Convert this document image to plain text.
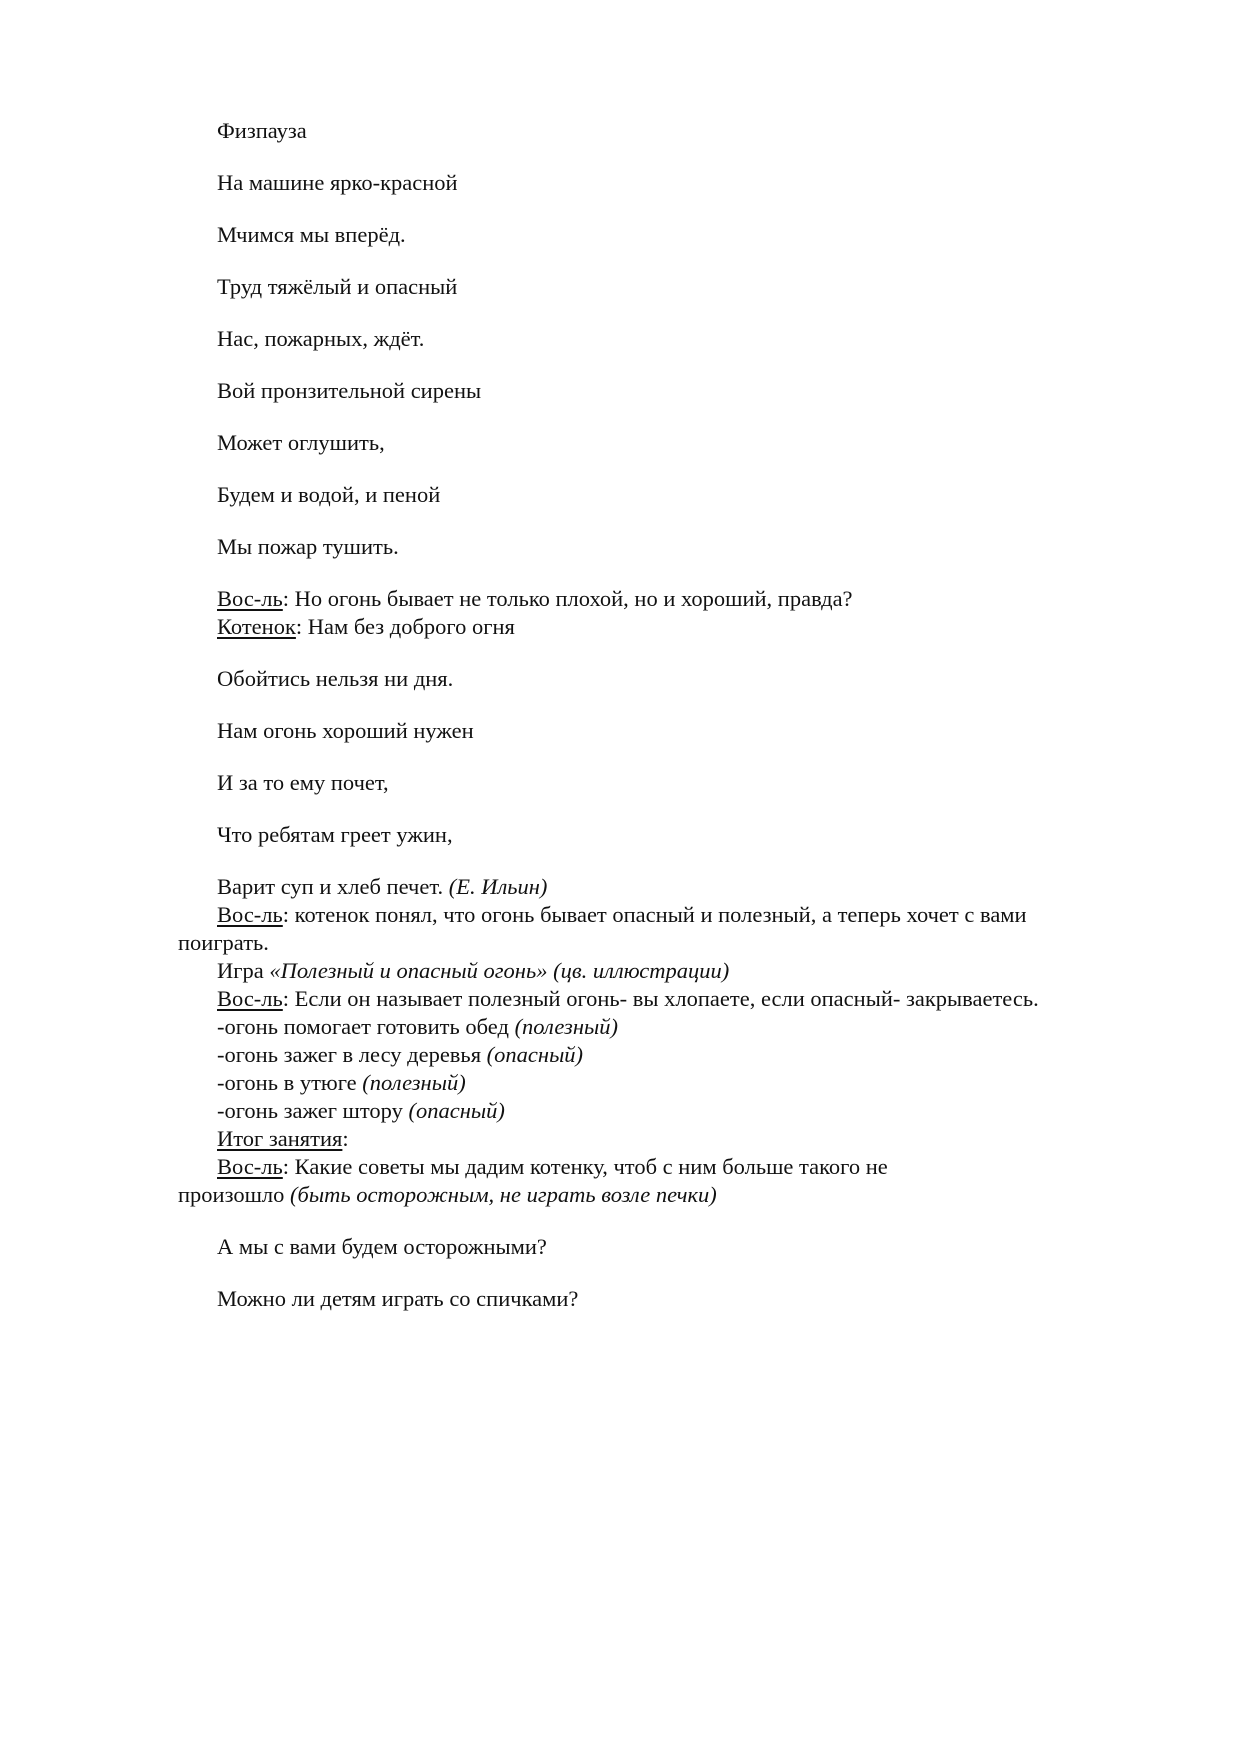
Физпауза
На машине ярко-красной
Мчимся мы вперёд.
Труд тяжёлый и опасный
Нас, пожарных, ждёт.
Вой пронзительной сирены
Может оглушить,
Будем и водой, и пеной
Мы пожар тушить.
Вос-ль: Но огонь бывает не только плохой, но и хороший, правда?
Котенок: Нам без доброго огня
Обойтись нельзя ни дня.
Нам огонь хороший нужен
И за то ему почет,
Что ребятам греет ужин,
Варит суп и хлеб печет. (Е. Ильин)
Вос-ль: котенок понял, что огонь бывает опасный и полезный, а теперь хочет с вами
поиграть.
Игра «Полезный и опасный огонь» (цв. иллюстрации)
Вос-ль: Если он называет полезный огонь- вы хлопаете, если опасный- закрываетесь.
-огонь помогает готовить обед (полезный)
-огонь зажег в лесу деревья (опасный)
-огонь в утюге (полезный)
-огонь зажег штору (опасный)
Итог занятия:
Вос-ль: Какие советы мы дадим котенку, чтоб с ним больше такого не
произошло (быть осторожным, не играть возле печки)
А мы с вами будем осторожными?
Можно ли детям играть со спичками?
